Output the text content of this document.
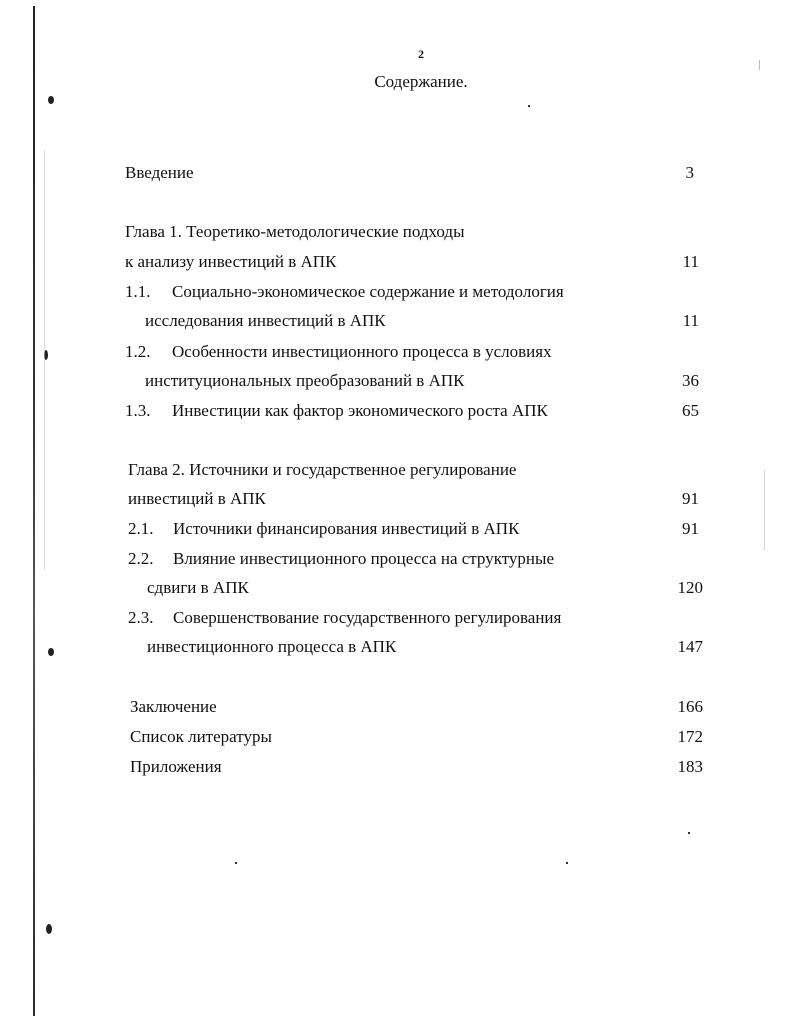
2
Содержание.
Введение	3
Глава 1. Теоретико-методологические подходы
к анализу инвестиций в АПК	11
1.1. Социально-экономическое содержание и методология
исследования инвестиций в АПК	11
1.2. Особенности инвестиционного процесса в условиях
институциональных преобразований в АПК	36
1.3. Инвестиции как фактор экономического роста АПК	65
Глава 2. Источники и государственное регулирование
инвестиций в АПК	91
2.1. Источники финансирования инвестиций в АПК	91
2.2. Влияние инвестиционного процесса на структурные
сдвиги в АПК	120
2.3. Совершенствование государственного регулирования
инвестиционного процесса в АПК	147
Заключение	166
Список литературы	172
Приложения	183
